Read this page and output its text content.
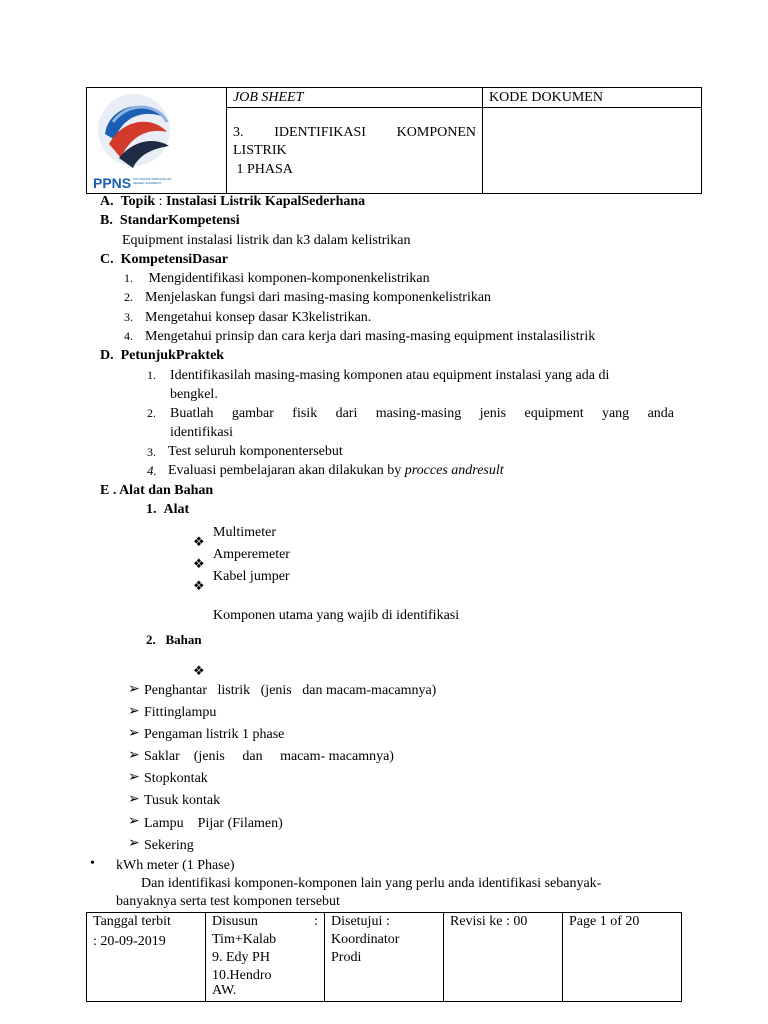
PPNS POLITEKNIK PERKAPALAN NEGERI SURABAYA	JOB SHEET	KODE DOKUMEN

	3. IDENTIFIKASI KOMPONEN
LISTRIK
1 PHASA	

A. Topik : Instalasi Listrik KapalSederhana
B. StandarKompetensi
Equipment instalasi listrik dan k3 dalam kelistrikan
C. KompetensiDasar
1. Mengidentifikasi komponen-komponenkelistrikan
2. Menjelaskan fungsi dari masing-masing komponenkelistrikan
3. Mengetahui konsep dasar K3kelistrikan.
4. Mengetahui prinsip dan cara kerja dari masing-masing equipment instalasilistrik
D. PetunjukPraktek
1. Identifikasilah masing-masing komponen atau equipment instalasi yang ada di
bengkel.
2. Buatlah gambar fisik dari masing-masing jenis equipment yang anda
identifikasi
3. Test seluruh komponentersebut
4. Evaluasi pembelajaran akan dilakukan by procces andresult
E . Alat dan Bahan
1. Alat
❖
Multimeter
❖
Amperemeter
❖
Kabel jumper
Komponen utama yang wajib di identifikasi
2. Bahan
❖
➢ Penghantar   listrik   (jenis   dan macam-macamnya)
➢ Fittinglampu
➢ Pengaman listrik 1 phase
➢ Saklar    (jenis     dan     macam- macamnya)
➢ Stopkontak
➢ Tusuk kontak
➢ Lampu    Pijar (Filamen)
➢ Sekering
• kWh meter (1 Phase)
Dan identifikasi komponen-komponen lain yang perlu anda identifikasi sebanyak-
banyaknya serta test komponen tersebut
Tanggal terbit
: 20-09-2019

Disusun	:
Tim+Kalab
9. Edy PH
10.Hendro
AW.

Disetujui :
Koordinator
Prodi

Revisi ke : 00	Page 1 of 20
